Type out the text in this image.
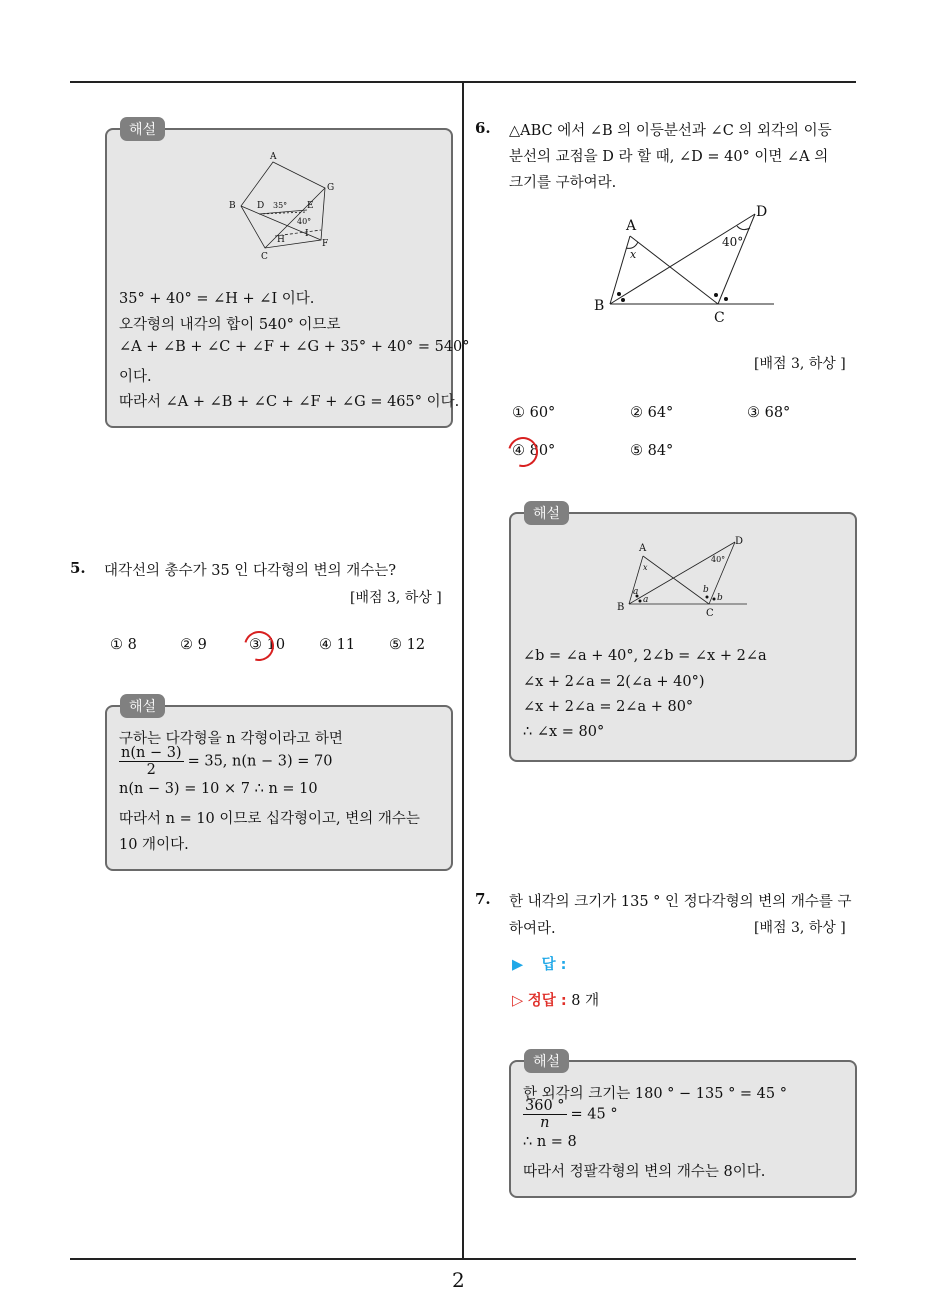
2
A
G
B D 35° E
40°
H
I
F
C
35° + 40° = ∠H + ∠I 이다.
오각형의 내각의 합이 540° 이므로
∠A + ∠B + ∠C + ∠F + ∠G + 35° + 40° = 540°
이다.
따라서 ∠A + ∠B + ∠C + ∠F + ∠G = 465° 이다.
해설
5. 대각선의 총수가 35 인 다각형의 변의 개수는?
[배점 3, 하상 ]
① 8	② 9	③ 10 ④ 11 ⑤ 12
구하는 다각형을 n 각형이라고 하면
$\frac{n(n - 3)}{2} = 35$, n(n − 3) = 70
n(n − 3) = 10 × 7 ∴ n = 10
따라서 n = 10 이므로 십각형이고, 변의 개수는
10 개이다.
해설
6. △ABC 에서 ∠B 의 이등분선과 ∠C 의 외각의 이등
분선의 교점을 D 라 할 때, ∠D = 40° 이면 ∠A 의
크기를 구하여라.
A
B
C
D
x
40°
[배점 3, 하상 ]
① 60°	② 64°	③ 68°
④ 80°	⑤ 84°
A
B
C
D
x
40°
a
a
b
b
∠b = ∠a + 40°, 2∠b = ∠x + 2∠a
∠x + 2∠a = 2(∠a + 40°)
∠x + 2∠a = 2∠a + 80°
∴ ∠x = 80°
해설
7. 한 내각의 크기가 135 ° 인 정다각형의 변의 개수를 구
하여라.	[배점 3, 하상 ]
▶ 답 :
▷ 정답 : 8 개
한 외각의 크기는 180 ° − 135 ° = 45 °
$\frac{360 ^\circ}{n} = 45$ °
∴ n = 8
따라서 정팔각형의 변의 개수는 8이다.
해설
